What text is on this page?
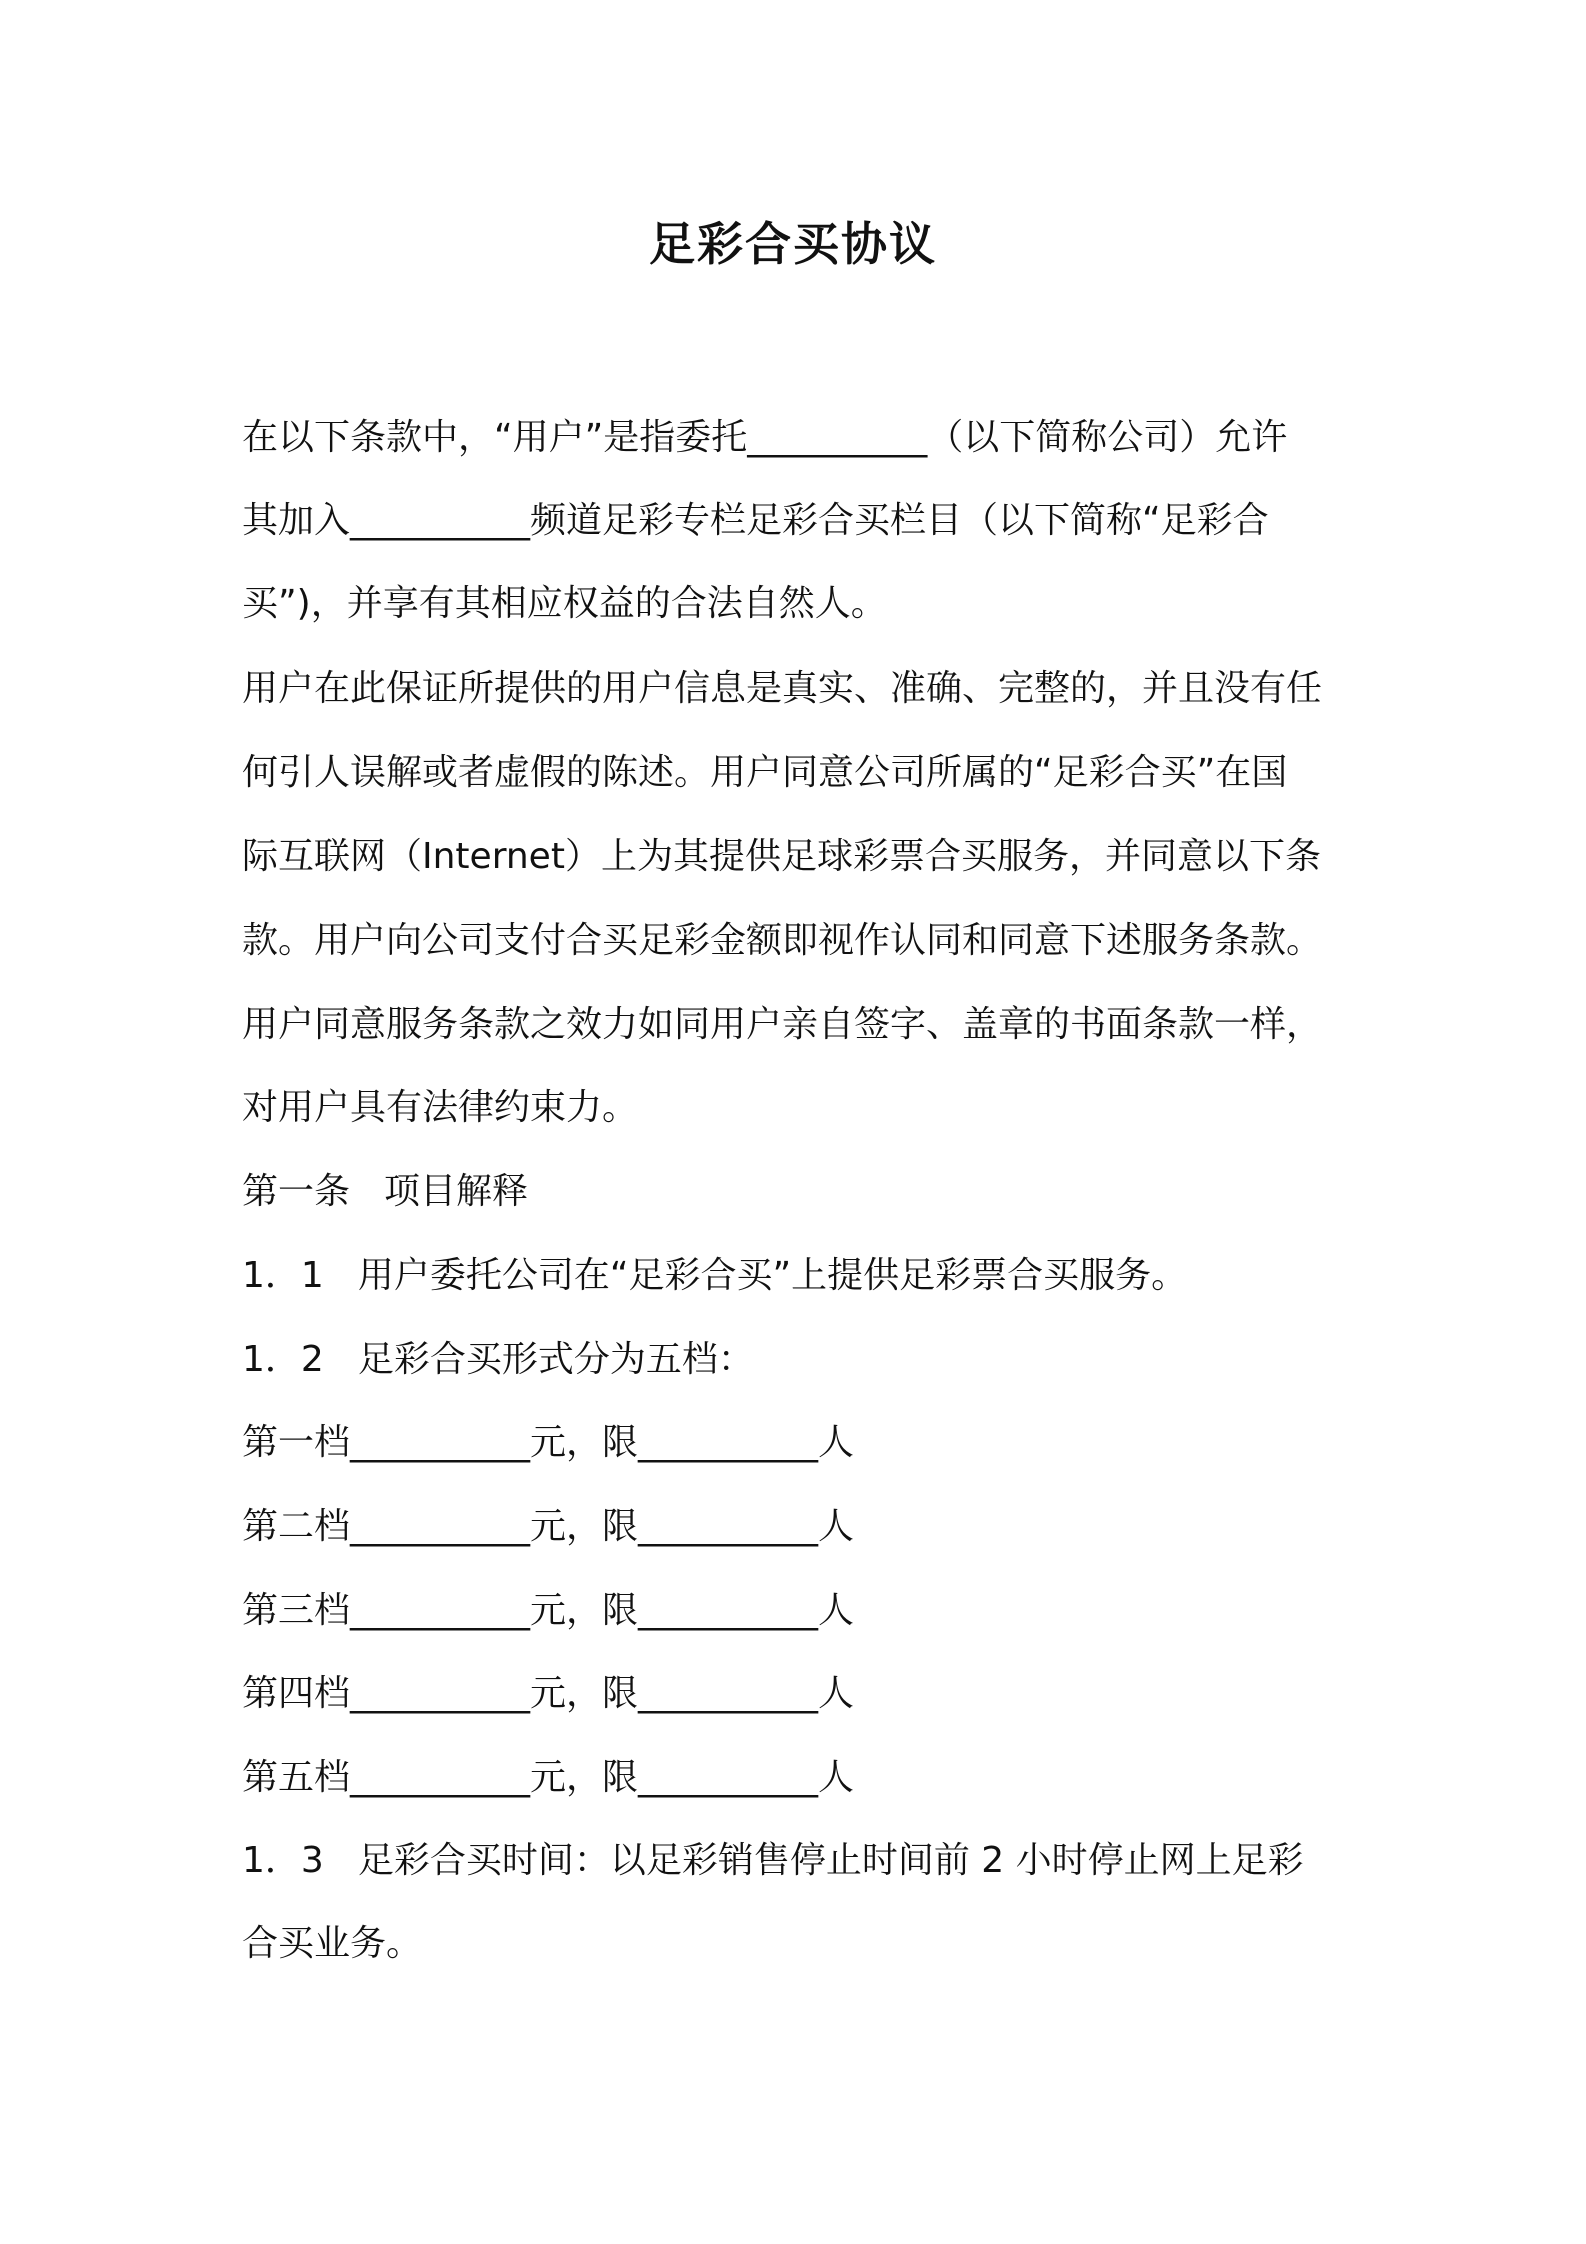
足彩合买协议
在以下条款中，“用户”是指委托__________（以下简称公司）允许
其加入__________频道足彩专栏足彩合买栏目（以下简称“足彩合
买”)，并享有其相应权益的合法自然人。
用户在此保证所提供的用户信息是真实、准确、完整的，并且没有任
何引人误解或者虚假的陈述。用户同意公司所属的“足彩合买”在国
际互联网（Internet）上为其提供足球彩票合买服务，并同意以下条
款。用户向公司支付合买足彩金额即视作认同和同意下述服务条款。
用户同意服务条款之效力如同用户亲自签字、盖章的书面条款一样，
对用户具有法律约束力。
第一条 项目解释
1．1 用户委托公司在“足彩合买”上提供足彩票合买服务。
1．2 足彩合买形式分为五档：
第一档__________元，限__________人
第二档__________元，限__________人
第三档__________元，限__________人
第四档__________元，限__________人
第五档__________元，限__________人
1．3 足彩合买时间：以足彩销售停止时间前 2 小时停止网上足彩
合买业务。
